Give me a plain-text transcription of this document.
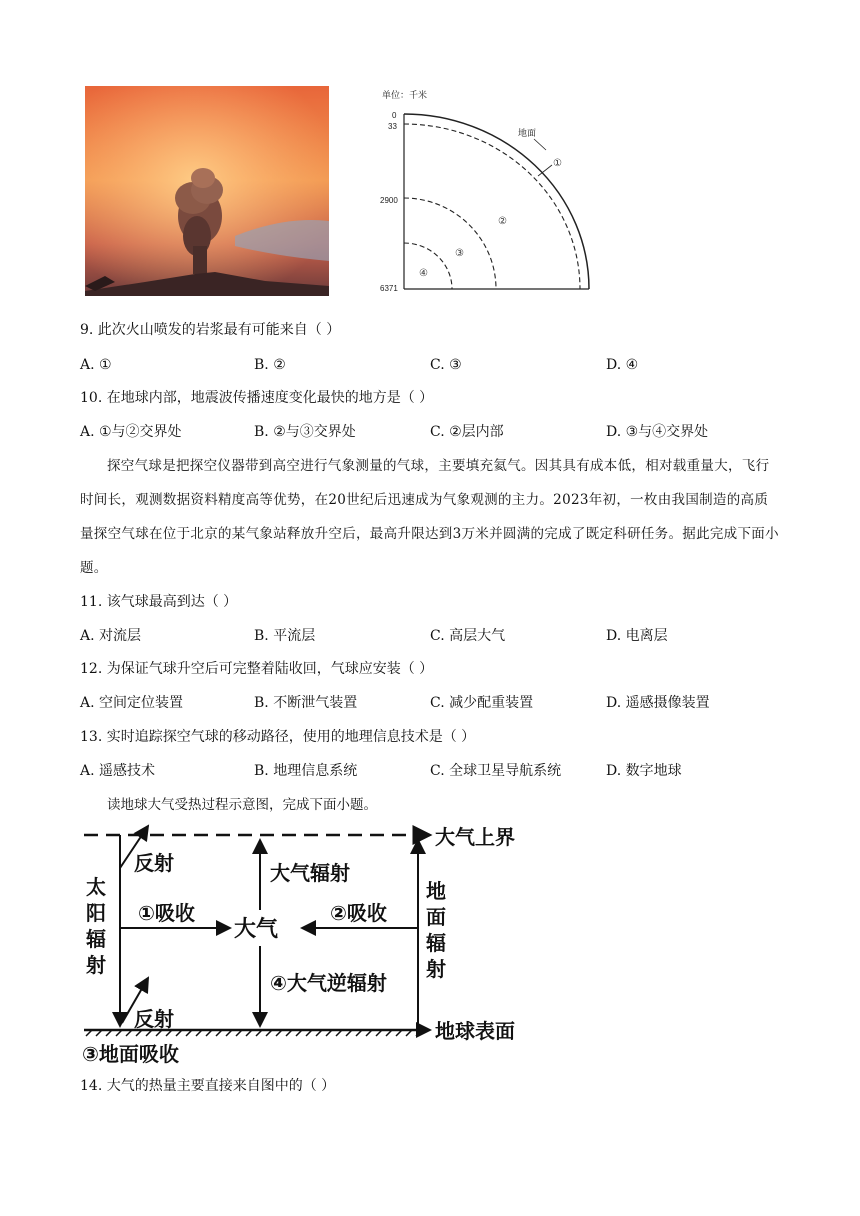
单位：千米
0
33
2900
6371
地面
①
②
③
④
9. 此次火山喷发的岩浆最有可能来自（ ）
A. ①	B. ②	C. ③	D. ④
10. 在地球内部，地震波传播速度变化最快的地方是（ ）
A. ①与②交界处	B. ②与③交界处	C. ②层内部	D. ③与④交界处
探空气球是把探空仪器带到高空进行气象测量的气球，主要填充氦气。因其具有成本低，相对载重量大，飞行时间长，观测数据资料精度高等优势，在20世纪后迅速成为气象观测的主力。2023年初，一枚由我国制造的高质量探空气球在位于北京的某气象站释放升空后，最高升限达到3万米并圆满的完成了既定科研任务。据此完成下面小题。
11. 该气球最高到达（ ）
A. 对流层	B. 平流层	C. 高层大气	D. 电离层
12. 为保证气球升空后可完整着陆收回，气球应安装（ ）
A. 空间定位装置	B. 不断泄气装置	C. 减少配重装置	D. 遥感摄像装置
13. 实时追踪探空气球的移动路径，使用的地理信息技术是（ ）
A. 遥感技术	B. 地理信息系统	C. 全球卫星导航系统	D. 数字地球
读地球大气受热过程示意图，完成下面小题。
大气上界
地球表面
太阳辐射
反射
反射
①吸收
大气
大气辐射
④大气逆辐射
地面辐射
②吸收
③地面吸收
14. 大气的热量主要直接来自图中的（ ）
